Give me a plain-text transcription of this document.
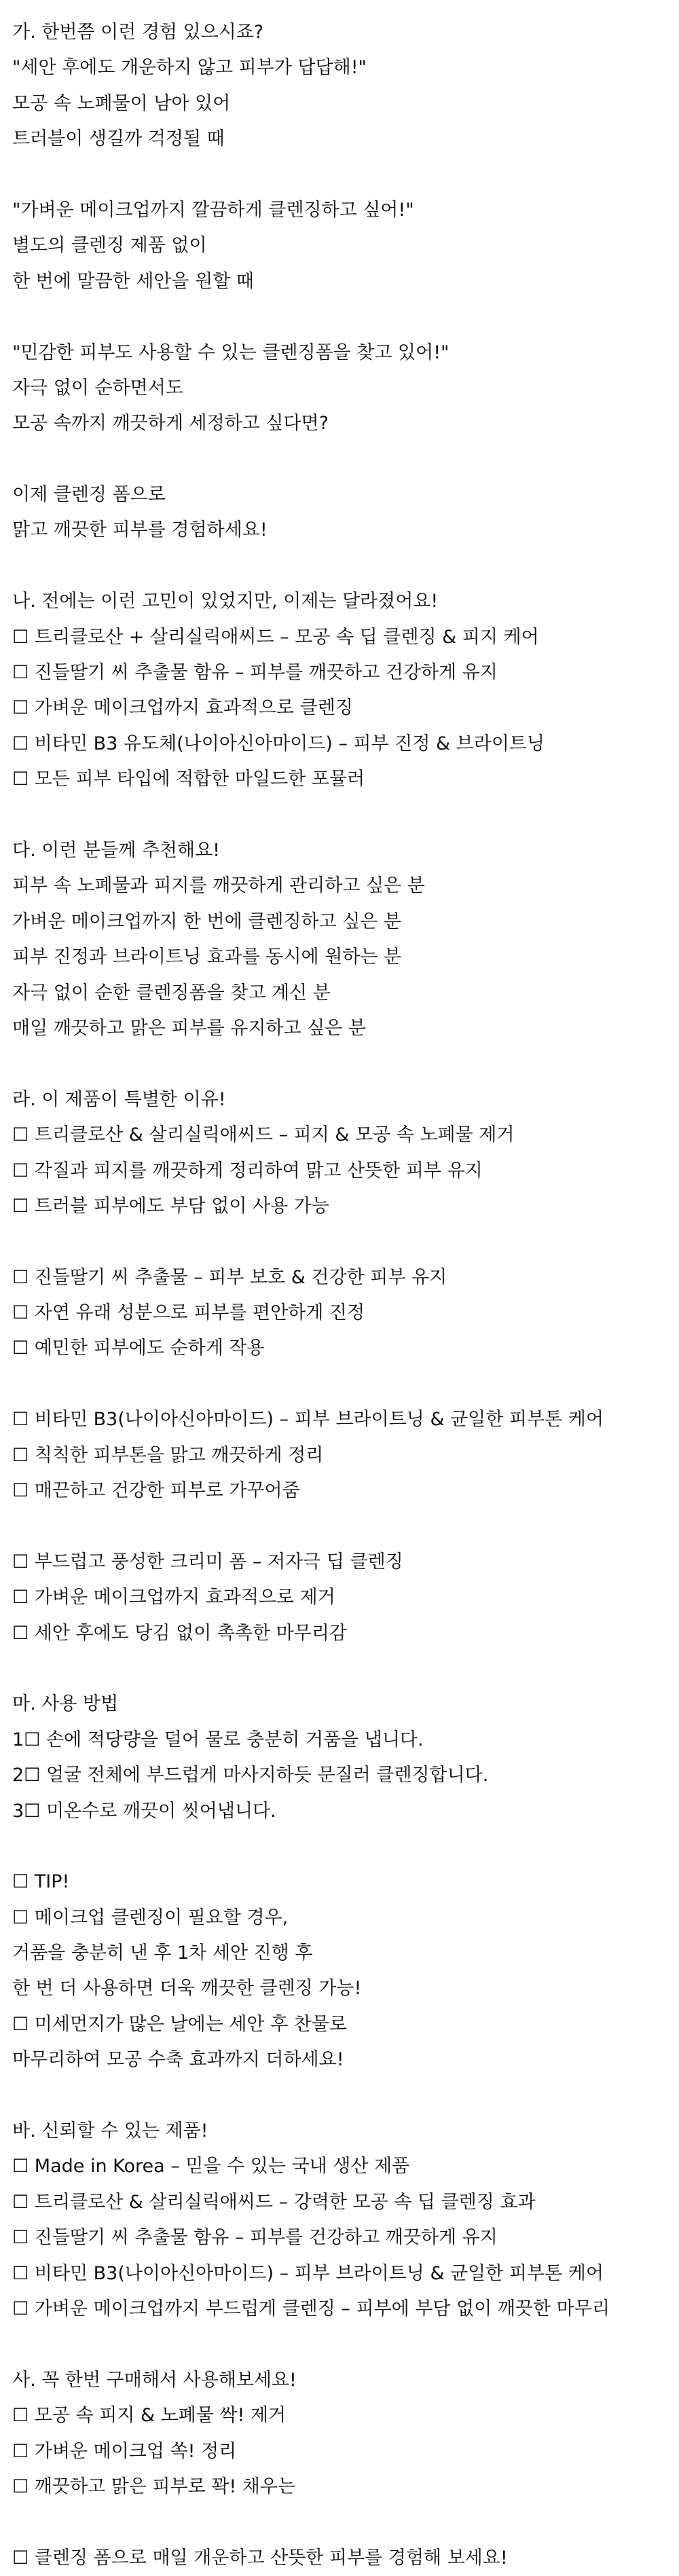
가. 한번쯤 이런 경험 있으시죠?
"세안 후에도 개운하지 않고 피부가 답답해!"
모공 속 노폐물이 남아 있어
트러블이 생길까 걱정될 때
"가벼운 메이크업까지 깔끔하게 클렌징하고 싶어!"
별도의 클렌징 제품 없이
한 번에 말끔한 세안을 원할 때
"민감한 피부도 사용할 수 있는 클렌징폼을 찾고 있어!"
자극 없이 순하면서도
모공 속까지 깨끗하게 세정하고 싶다면?
이제 클렌징 폼으로
맑고 깨끗한 피부를 경험하세요!
나. 전에는 이런 고민이 있었지만, 이제는 달라졌어요!
☐ 트리클로산 + 살리실릭애씨드 – 모공 속 딥 클렌징 & 피지 케어
☐ 진들딸기 씨 추출물 함유 – 피부를 깨끗하고 건강하게 유지
☐ 가벼운 메이크업까지 효과적으로 클렌징
☐ 비타민 B3 유도체(나이아신아마이드) – 피부 진정 & 브라이트닝
☐ 모든 피부 타입에 적합한 마일드한 포뮬러
다. 이런 분들께 추천해요!
피부 속 노폐물과 피지를 깨끗하게 관리하고 싶은 분
가벼운 메이크업까지 한 번에 클렌징하고 싶은 분
피부 진정과 브라이트닝 효과를 동시에 원하는 분
자극 없이 순한 클렌징폼을 찾고 계신 분
매일 깨끗하고 맑은 피부를 유지하고 싶은 분
라. 이 제품이 특별한 이유!
☐ 트리클로산 & 살리실릭애씨드 – 피지 & 모공 속 노폐물 제거
☐ 각질과 피지를 깨끗하게 정리하여 맑고 산뜻한 피부 유지
☐ 트러블 피부에도 부담 없이 사용 가능
☐ 진들딸기 씨 추출물 – 피부 보호 & 건강한 피부 유지
☐ 자연 유래 성분으로 피부를 편안하게 진정
☐ 예민한 피부에도 순하게 작용
☐ 비타민 B3(나이아신아마이드) – 피부 브라이트닝 & 균일한 피부톤 케어
☐ 칙칙한 피부톤을 맑고 깨끗하게 정리
☐ 매끈하고 건강한 피부로 가꾸어줌
☐ 부드럽고 풍성한 크리미 폼 – 저자극 딥 클렌징
☐ 가벼운 메이크업까지 효과적으로 제거
☐ 세안 후에도 당김 없이 촉촉한 마무리감
마. 사용 방법
1☐ 손에 적당량을 덜어 물로 충분히 거품을 냅니다.
2☐ 얼굴 전체에 부드럽게 마사지하듯 문질러 클렌징합니다.
3☐ 미온수로 깨끗이 씻어냅니다.
☐ TIP!
☐ 메이크업 클렌징이 필요할 경우,
거품을 충분히 낸 후 1차 세안 진행 후
한 번 더 사용하면 더욱 깨끗한 클렌징 가능!
☐ 미세먼지가 많은 날에는 세안 후 찬물로
마무리하여 모공 수축 효과까지 더하세요!
바. 신뢰할 수 있는 제품!
☐ Made in Korea – 믿을 수 있는 국내 생산 제품
☐ 트리클로산 & 살리실릭애씨드 – 강력한 모공 속 딥 클렌징 효과
☐ 진들딸기 씨 추출물 함유 – 피부를 건강하고 깨끗하게 유지
☐ 비타민 B3(나이아신아마이드) – 피부 브라이트닝 & 균일한 피부톤 케어
☐ 가벼운 메이크업까지 부드럽게 클렌징 – 피부에 부담 없이 깨끗한 마무리
사. 꼭 한번 구매해서 사용해보세요!
☐ 모공 속 피지 & 노폐물 싹! 제거
☐ 가벼운 메이크업 쏙! 정리
☐ 깨끗하고 맑은 피부로 꽉! 채우는
☐ 클렌징 폼으로 매일 개운하고 산뜻한 피부를 경험해 보세요!
